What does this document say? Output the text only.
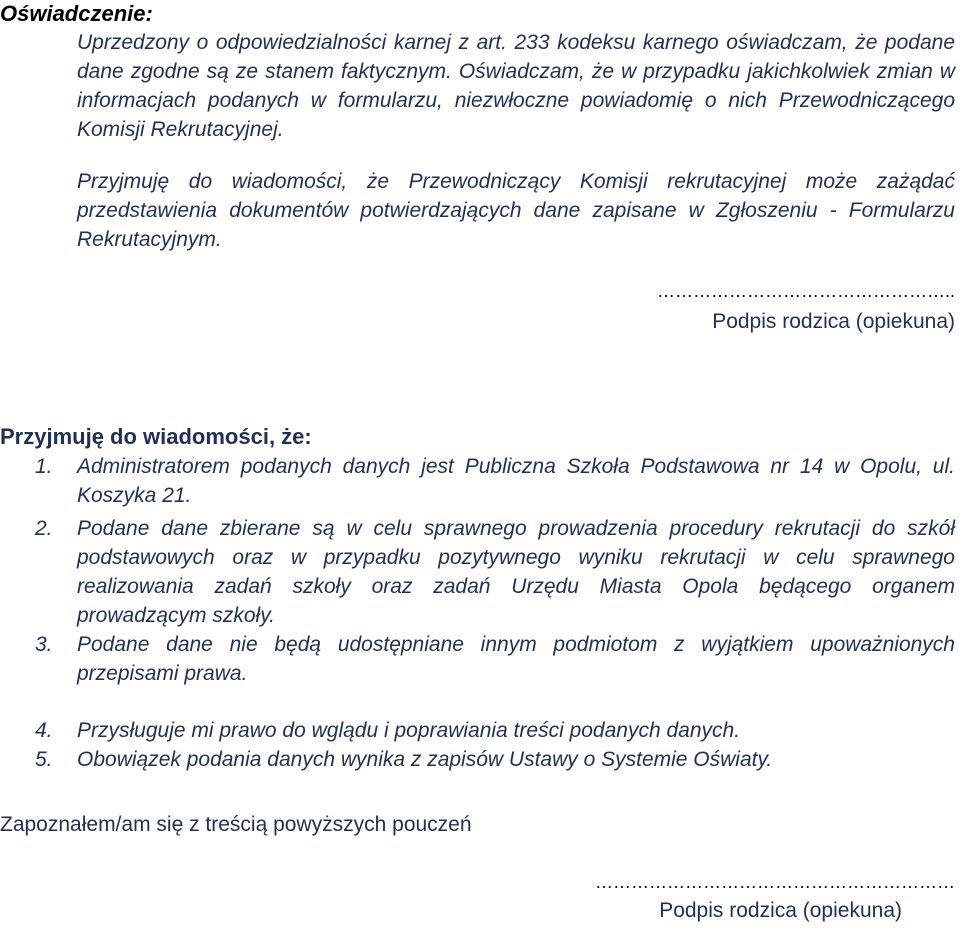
Oświadczenie:
Uprzedzony o odpowiedzialności karnej z art. 233 kodeksu karnego oświadczam, że podane dane zgodne są ze stanem faktycznym. Oświadczam, że w przypadku jakichkolwiek zmian w informacjach podanych w formularzu, niezwłoczne powiadomię o nich Przewodniczącego Komisji Rekrutacyjnej.
Przyjmuję do wiadomości, że Przewodniczący Komisji rekrutacyjnej może zażądać przedstawienia dokumentów potwierdzających dane zapisane w Zgłoszeniu - Formularzu Rekrutacyjnym.
…………………………………………..
Podpis rodzica (opiekuna)
Przyjmuję do wiadomości, że:
1. Administratorem podanych danych jest Publiczna Szkoła Podstawowa nr 14 w Opolu, ul. Koszyka 21.
2. Podane dane zbierane są w celu sprawnego prowadzenia procedury rekrutacji do szkół podstawowych oraz w przypadku pozytywnego wyniku rekrutacji w celu sprawnego realizowania zadań szkoły oraz zadań Urzędu Miasta Opola będącego organem prowadzącym szkoły.
3. Podane dane nie będą udostępniane innym podmiotom z wyjątkiem upoważnionych przepisami prawa.
4. Przysługuje mi prawo do wglądu i poprawiania treści podanych danych.
5. Obowiązek podania danych wynika z zapisów Ustawy o Systemie Oświaty.
Zapoznałem/am się z treścią powyższych pouczeń
……………………………………………………
Podpis rodzica (opiekuna)
